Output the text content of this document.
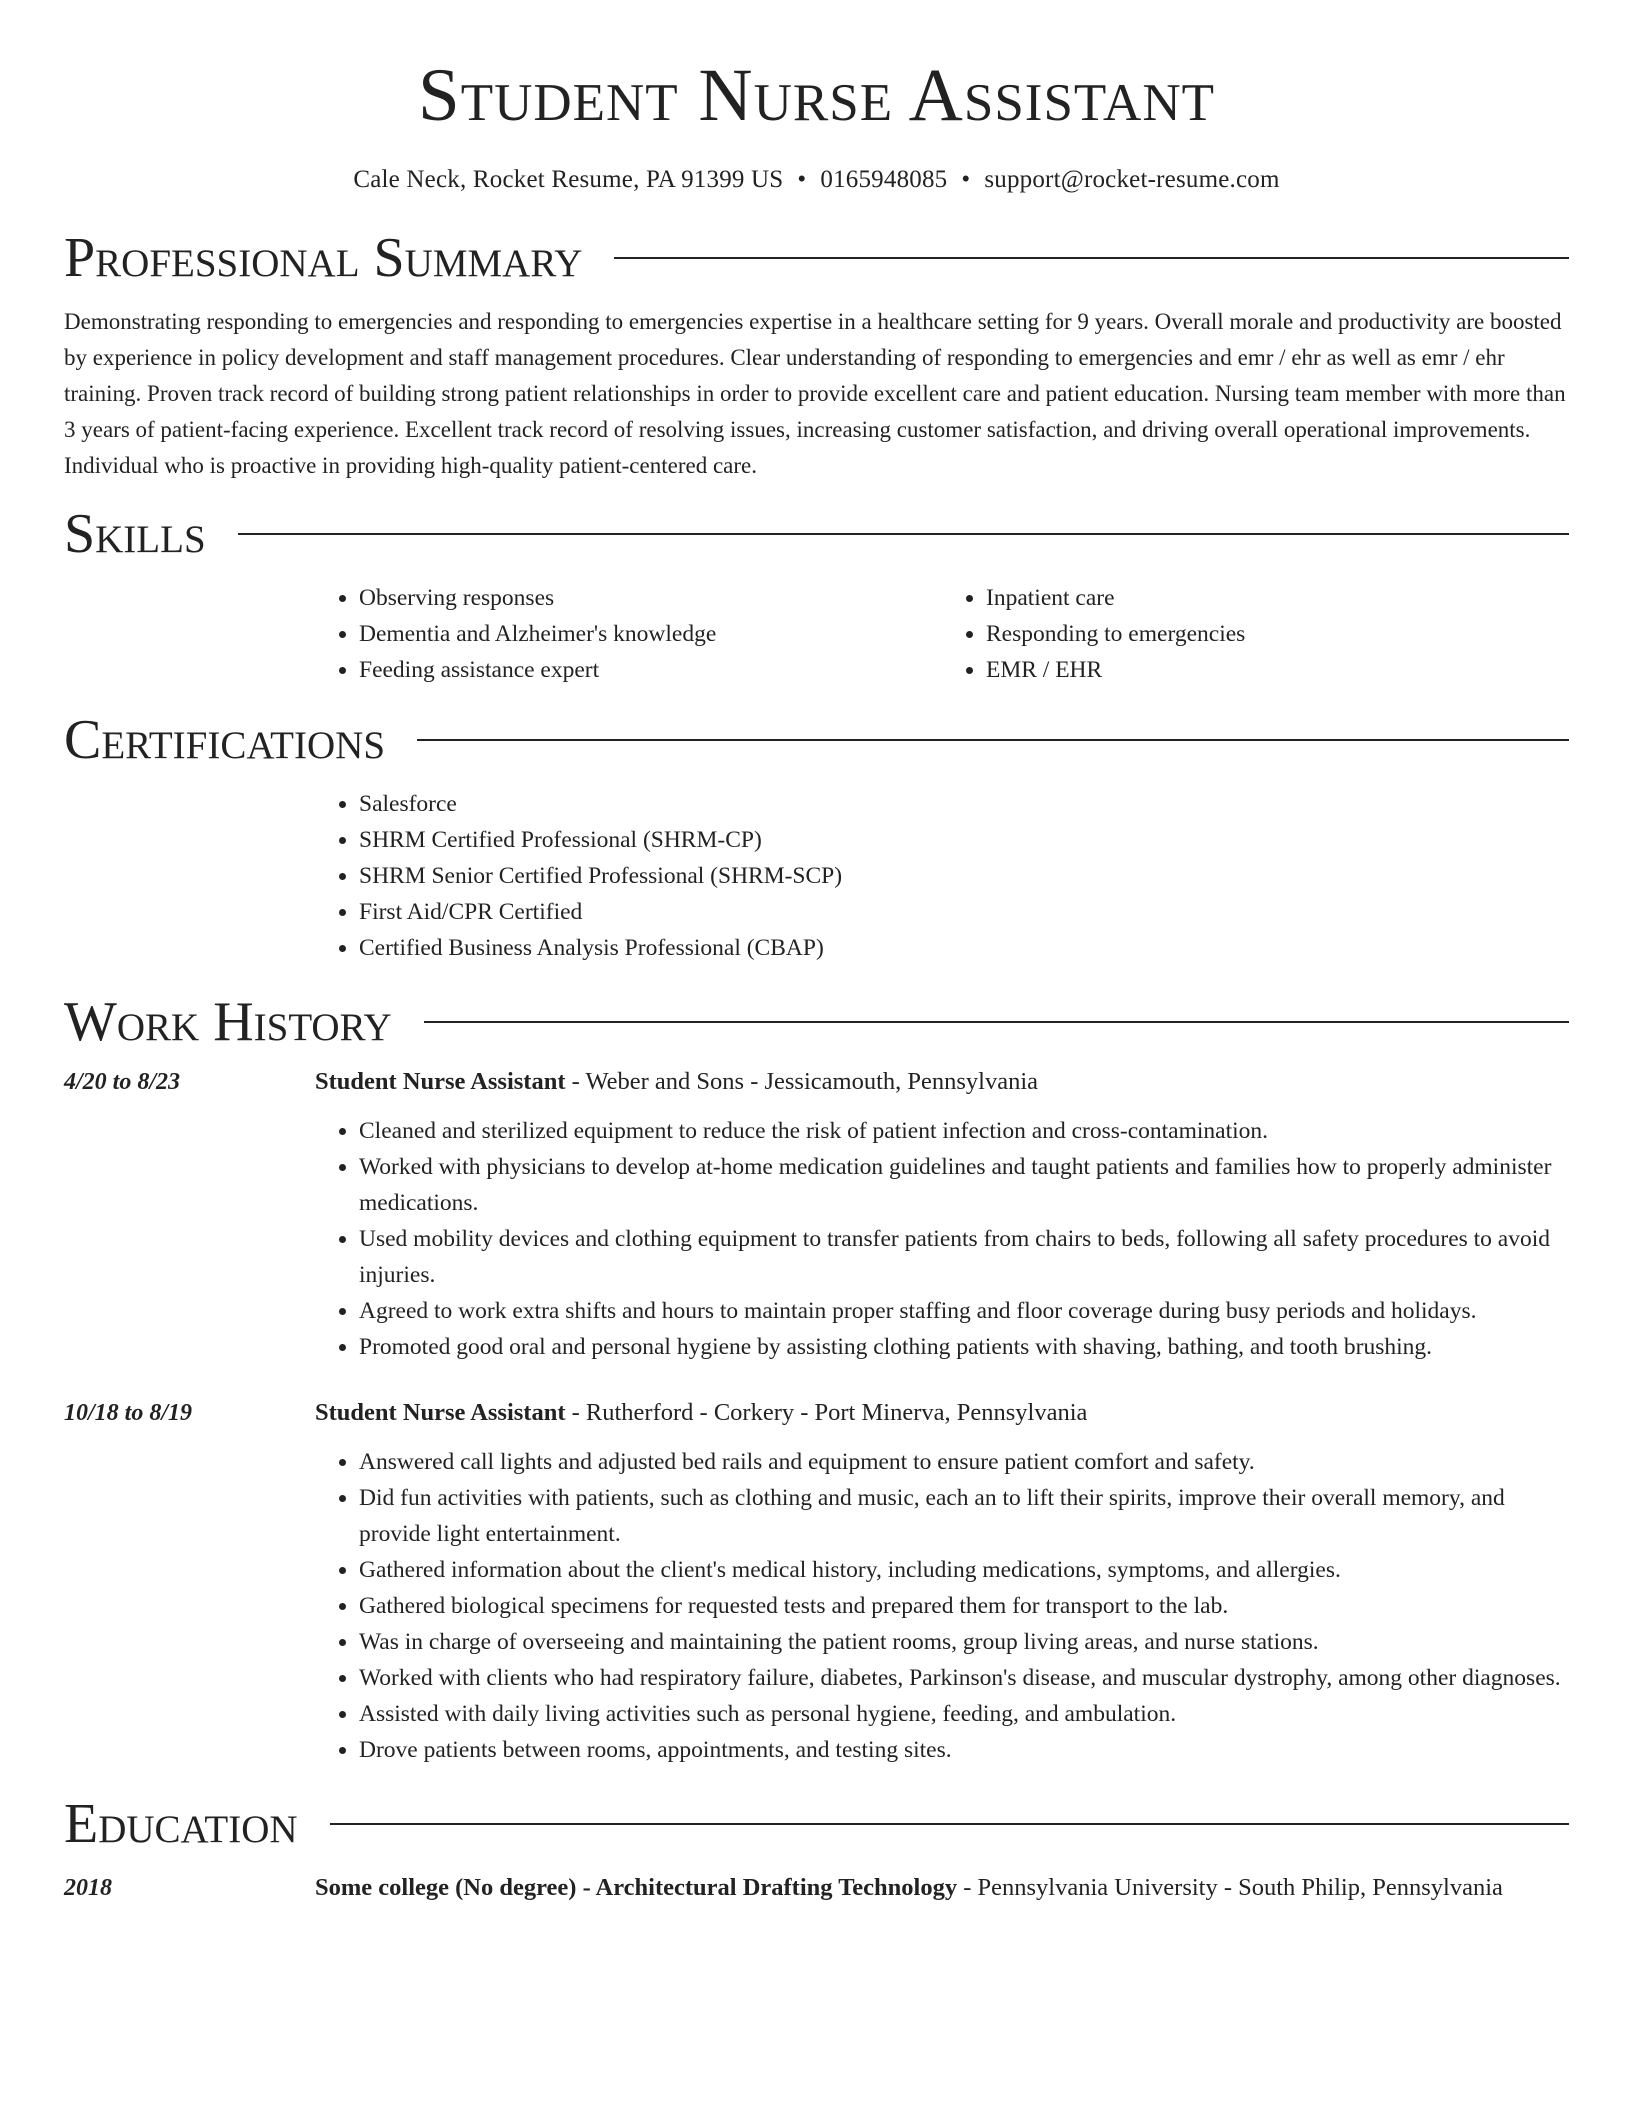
Student Nurse Assistant
Cale Neck, Rocket Resume, PA 91399 US • 0165948085 • support@rocket-resume.com
Professional Summary

Demonstrating responding to emergencies and responding to emergencies expertise in a healthcare setting for 9 years. Overall morale and productivity are boosted by experience in policy development and staff management procedures. Clear understanding of responding to emergencies and emr / ehr as well as emr / ehr training. Proven track record of building strong patient relationships in order to provide excellent care and patient education. Nursing team member with more than 3 years of patient-facing experience. Excellent track record of resolving issues, increasing customer satisfaction, and driving overall operational improvements. Individual who is proactive in providing high-quality patient-centered care.

Skills
• Observing responses
• Dementia and Alzheimer's knowledge
• Feeding assistance expert
• Inpatient care
• Responding to emergencies
• EMR / EHR
Certifications
• Salesforce
• SHRM Certified Professional (SHRM-CP)
• SHRM Senior Certified Professional (SHRM-SCP)
• First Aid/CPR Certified
• Certified Business Analysis Professional (CBAP)
Work History
4/20 to 8/23	Student Nurse Assistant - Weber and Sons - Jessicamouth, Pennsylvania
• Cleaned and sterilized equipment to reduce the risk of patient infection and cross-contamination.
• Worked with physicians to develop at-home medication guidelines and taught patients and families how to properly administer medications.
• Used mobility devices and clothing equipment to transfer patients from chairs to beds, following all safety procedures to avoid injuries.
• Agreed to work extra shifts and hours to maintain proper staffing and floor coverage during busy periods and holidays.
• Promoted good oral and personal hygiene by assisting clothing patients with shaving, bathing, and tooth brushing.
10/18 to 8/19	Student Nurse Assistant - Rutherford - Corkery - Port Minerva, Pennsylvania
• Answered call lights and adjusted bed rails and equipment to ensure patient comfort and safety.
• Did fun activities with patients, such as clothing and music, each an to lift their spirits, improve their overall memory, and provide light entertainment.
• Gathered information about the client's medical history, including medications, symptoms, and allergies.
• Gathered biological specimens for requested tests and prepared them for transport to the lab.
• Was in charge of overseeing and maintaining the patient rooms, group living areas, and nurse stations.
• Worked with clients who had respiratory failure, diabetes, Parkinson's disease, and muscular dystrophy, among other diagnoses.
• Assisted with daily living activities such as personal hygiene, feeding, and ambulation.
• Drove patients between rooms, appointments, and testing sites.
Education
2018	Some college (No degree) - Architectural Drafting Technology - Pennsylvania University - South Philip, Pennsylvania
